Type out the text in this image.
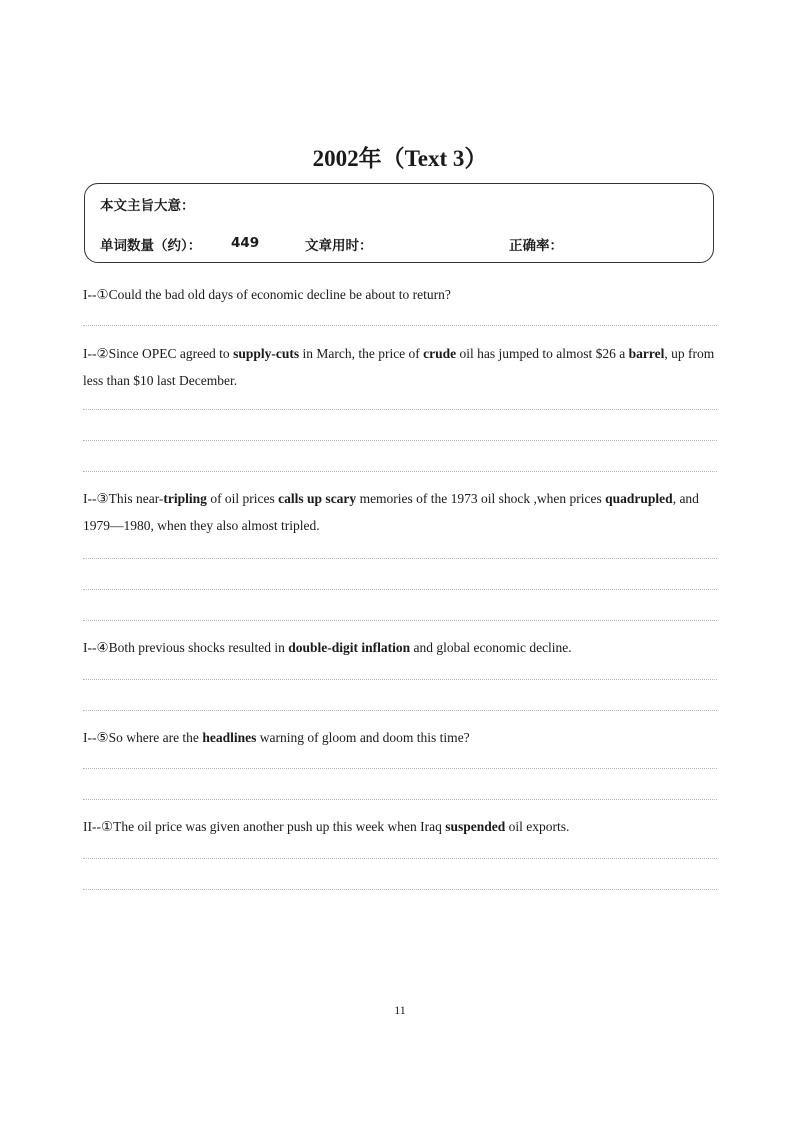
2002年（Text 3）
本文主旨大意：
单词数量（约）： 449	文章用时：	正确率：
I--①Could the bad old days of economic decline be about to return?
I--②Since OPEC agreed to supply-cuts in March, the price of crude oil has jumped to almost $26 a barrel, up from less than $10 last December.
I--③This near-tripling of oil prices calls up scary memories of the 1973 oil shock ,when prices quadrupled, and 1979—1980, when they also almost tripled.
I--④Both previous shocks resulted in double-digit inflation and global economic decline.
I--⑤So where are the headlines warning of gloom and doom this time?
II--①The oil price was given another push up this week when Iraq suspended oil exports.
11
